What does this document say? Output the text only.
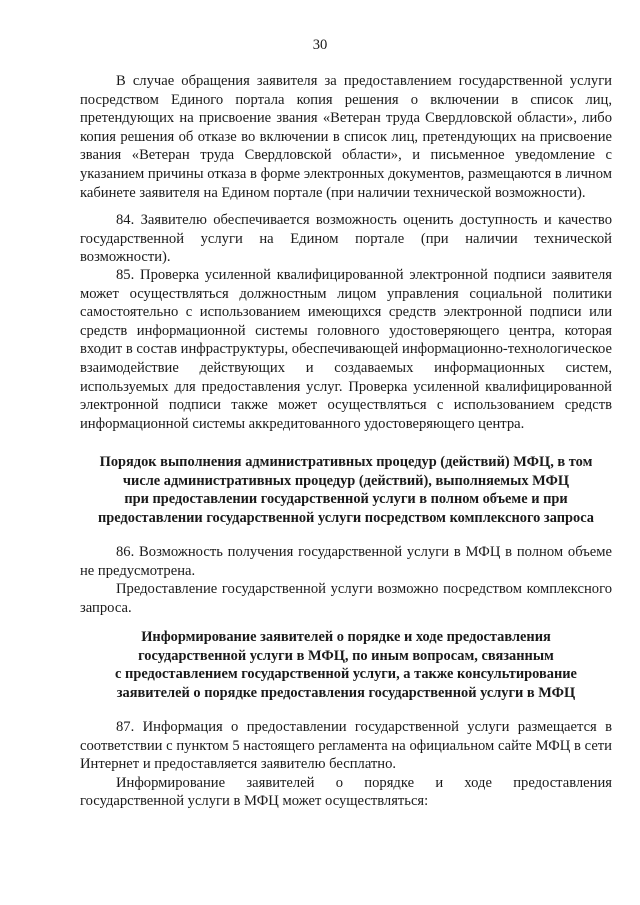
30

В случае обращения заявителя за предоставлением государственной услуги посредством Единого портала копия решения о включении в список лиц, претендующих на присвоение звания «Ветеран труда Свердловской области», либо копия решения об отказе во включении в список лиц, претендующих на присвоение звания «Ветеран труда Свердловской области», и письменное уведомление с указанием причины отказа в форме электронных документов, размещаются в личном кабинете заявителя на Едином портале (при наличии технической возможности).

84. Заявителю обеспечивается возможность оценить доступность и качество государственной услуги на Едином портале (при наличии технической возможности).

85. Проверка усиленной квалифицированной электронной подписи заявителя может осуществляться должностным лицом управления социальной политики самостоятельно с использованием имеющихся средств электронной подписи или средств информационной системы головного удостоверяющего центра, которая входит в состав инфраструктуры, обеспечивающей информационно-технологическое взаимодействие действующих и создаваемых информационных систем, используемых для предоставления услуг. Проверка усиленной квалифицированной электронной подписи также может осуществляться с использованием средств информационной системы аккредитованного удостоверяющего центра.

Порядок выполнения административных процедур (действий) МФЦ, в том

числе административных процедур (действий), выполняемых МФЦ

при предоставлении государственной услуги в полном объеме и при

предоставлении государственной услуги посредством комплексного запроса

86. Возможность получения государственной услуги в МФЦ в полном объеме не предусмотрена.

Предоставление государственной услуги возможно посредством комплексного запроса.

Информирование заявителей о порядке и ходе предоставления

государственной услуги в МФЦ, по иным вопросам, связанным

с предоставлением государственной услуги, а также консультирование

заявителей о порядке предоставления государственной услуги в МФЦ

87. Информация о предоставлении государственной услуги размещается в соответствии с пунктом 5 настоящего регламента на официальном сайте МФЦ в сети Интернет и предоставляется заявителю бесплатно.

Информирование заявителей о порядке и ходе предоставления государственной услуги в МФЦ может осуществляться:
